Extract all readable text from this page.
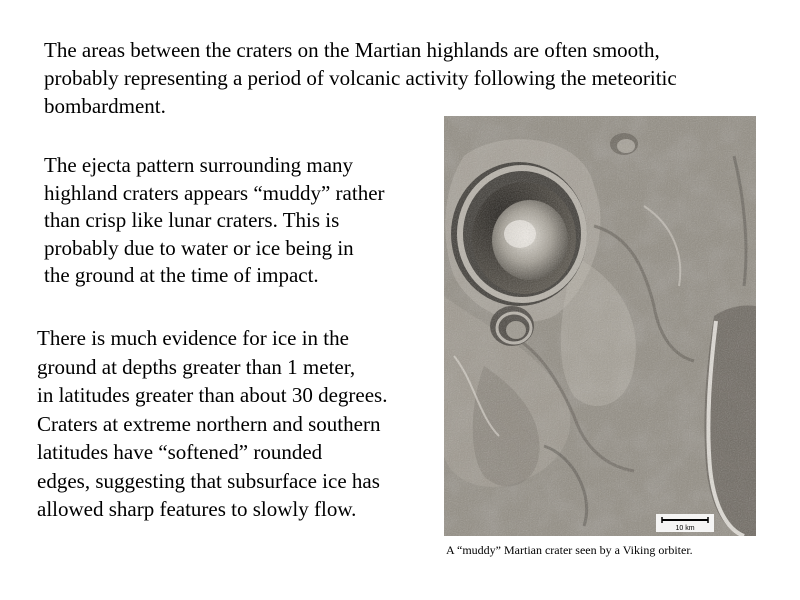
The areas between the craters on the Martian highlands are often smooth,
probably representing a period of volcanic activity following the meteoritic
bombardment.

The ejecta pattern surrounding many
highland craters appears “muddy” rather
than crisp like lunar craters. This is
probably due to water or ice being in
the ground at the time of impact.

There is much evidence for ice in the
ground at depths greater than 1 meter,
in latitudes greater than about 30 degrees.
Craters at extreme northern and southern
latitudes have “softened” rounded
edges, suggesting that subsurface ice has
allowed sharp features to slowly flow.

10 km
A “muddy” Martian crater seen by a Viking orbiter.
